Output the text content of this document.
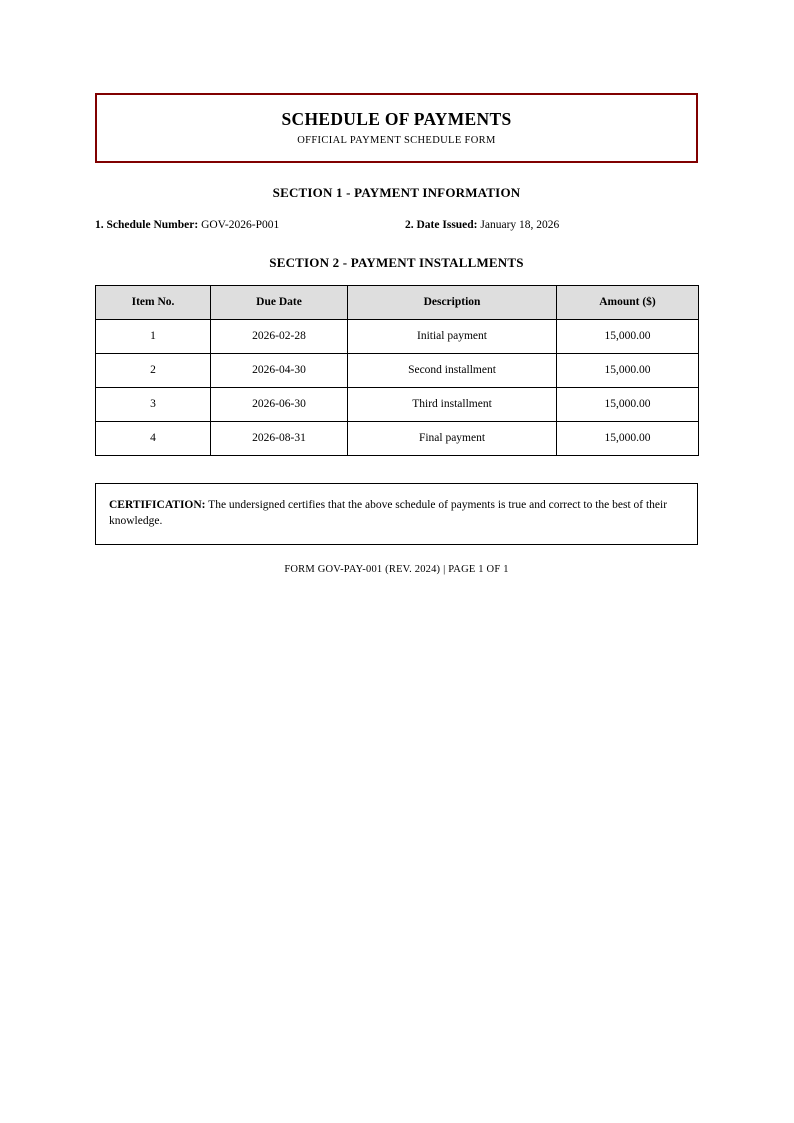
SCHEDULE OF PAYMENTS
OFFICIAL PAYMENT SCHEDULE FORM
SECTION 1 - PAYMENT INFORMATION
1. Schedule Number: GOV-2026-P001	2. Date Issued: January 18, 2026
SECTION 2 - PAYMENT INSTALLMENTS
Item No.	Due Date	Description	Amount ($)
1	2026-02-28	Initial payment	15,000.00
2	2026-04-30	Second installment	15,000.00
3	2026-06-30	Third installment	15,000.00
4	2026-08-31	Final payment	15,000.00
CERTIFICATION: The undersigned certifies that the above schedule of payments is true and correct to the best of their knowledge.
FORM GOV-PAY-001 (REV. 2024) | PAGE 1 OF 1
